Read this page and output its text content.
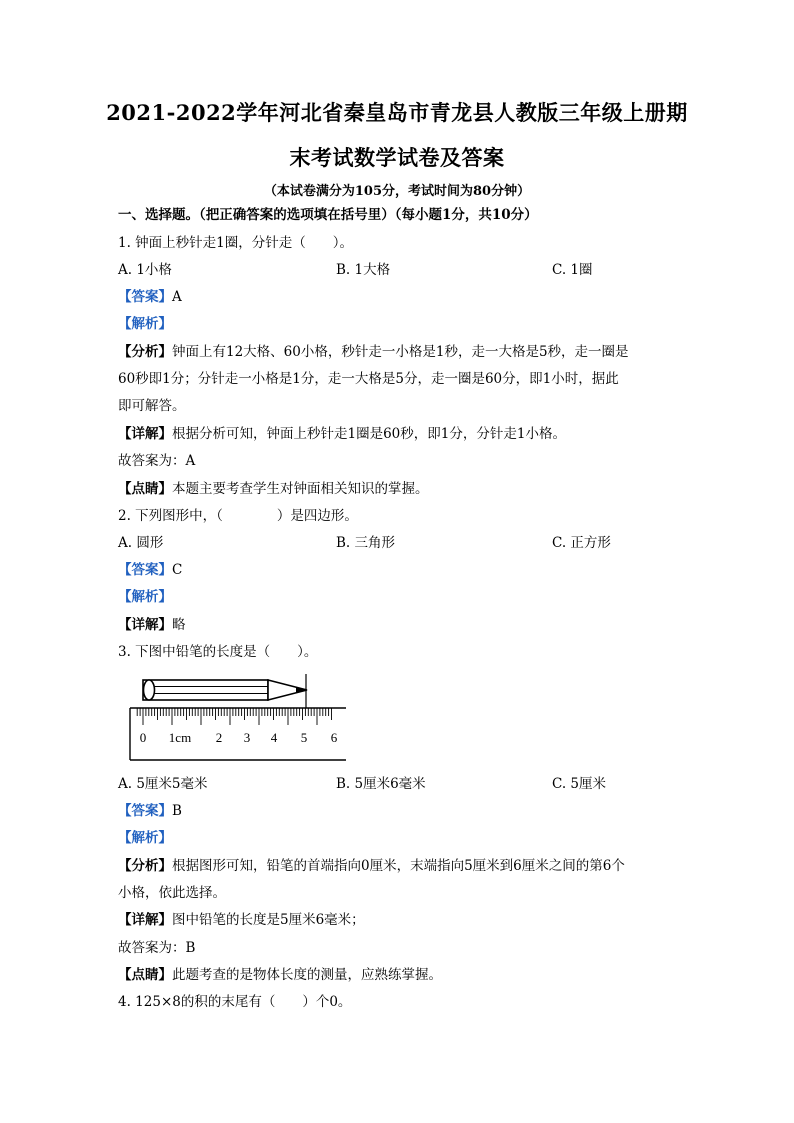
2021-2022学年河北省秦皇岛市青龙县人教版三年级上册期
末考试数学试卷及答案
（本试卷满分为105分，考试时间为80分钟）
一、选择题。（把正确答案的选项填在括号里）（每小题1分，共10分）
1. 钟面上秒针走1圈，分针走（　　）。
A. 1小格	B. 1大格	C. 1圈
【答案】A
【解析】
【分析】钟面上有12大格、60小格，秒针走一小格是1秒，走一大格是5秒，走一圈是
60秒即1分；分针走一小格是1分，走一大格是5分，走一圈是60分，即1小时，据此
即可解答。
【详解】根据分析可知，钟面上秒针走1圈是60秒，即1分，分针走1小格。
故答案为：A
【点睛】本题主要考查学生对钟面相关知识的掌握。
2. 下列图形中，（　　　　）是四边形。
A. 圆形	B. 三角形	C. 正方形
【答案】C
【解析】
【详解】略
3. 下图中铅笔的长度是（　　）。
0 1cm 2 3 4 5 6
A. 5厘米5毫米	B. 5厘米6毫米	C. 5厘米
【答案】B
【解析】
【分析】根据图形可知，铅笔的首端指向0厘米，末端指向5厘米到6厘米之间的第6个
小格，依此选择。
【详解】图中铅笔的长度是5厘米6毫米；
故答案为：B
【点睛】此题考查的是物体长度的测量，应熟练掌握。
4. 125×8的积的末尾有（　　）个0。
